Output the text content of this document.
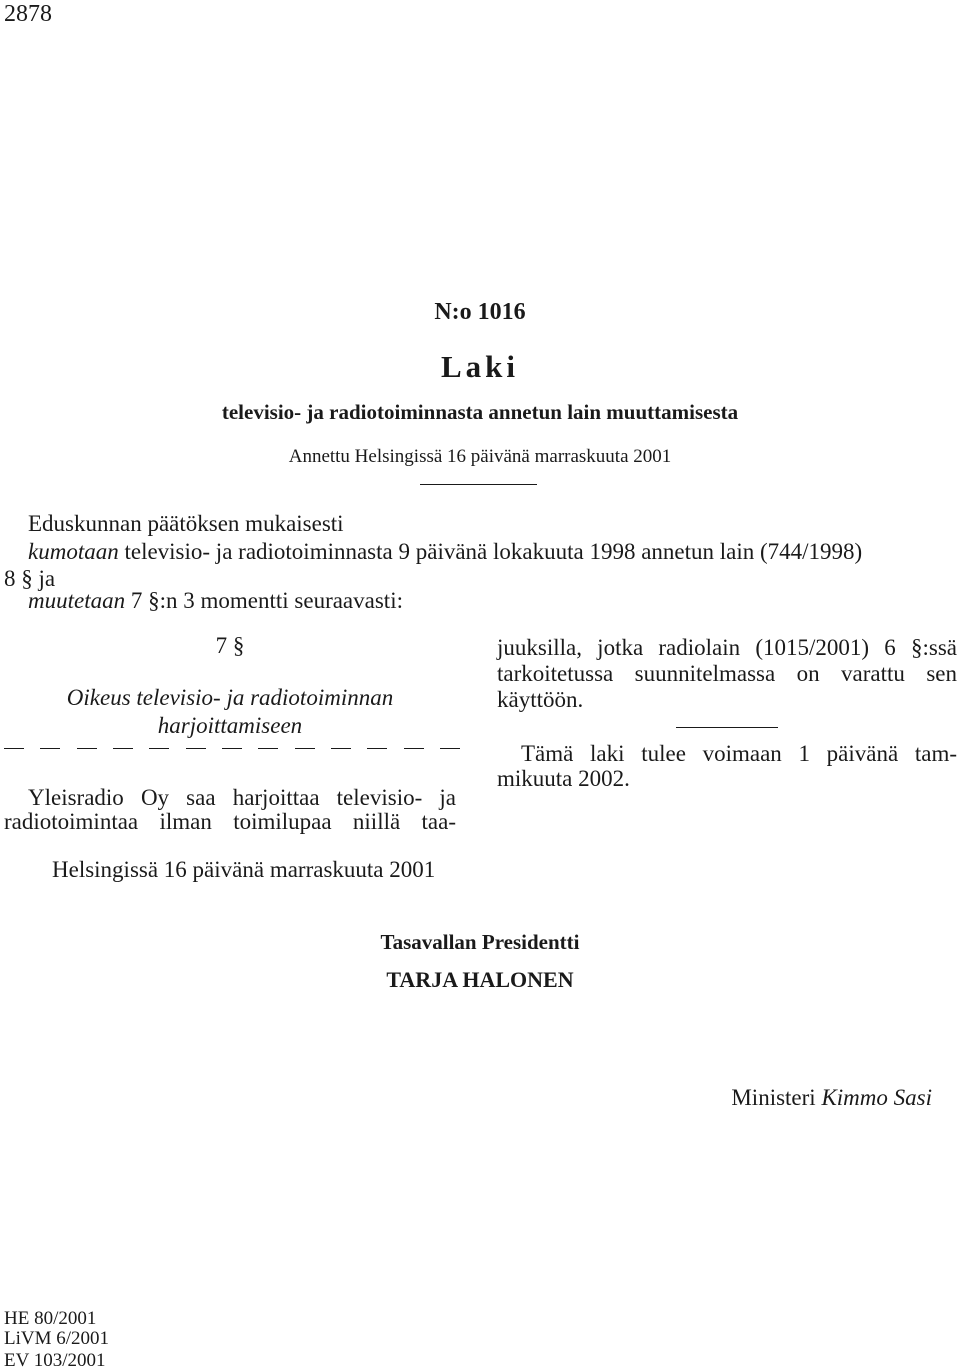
2878
N:o 1016
Laki
televisio- ja radiotoiminnasta annetun lain muuttamisesta
Annettu Helsingissä 16 päivänä marraskuuta 2001
Eduskunnan päätöksen mukaisesti
kumotaan televisio- ja radiotoiminnasta 9 päivänä lokakuuta 1998 annetun lain (744/1998)
8 § ja
muutetaan 7 §:n 3 momentti seuraavasti:
7 §
Oikeus televisio- ja radiotoiminnan harjoittamiseen
Yleisradio Oy saa harjoittaa televisio- ja
radiotoimintaa ilman toimilupaa niillä taa-
juuksilla, jotka radiolain (1015/2001) 6 §:ssä
tarkoitetussa suunnitelmassa on varattu sen
käyttöön.
Tämä laki tulee voimaan 1 päivänä tam-
mikuuta 2002.
Helsingissä 16 päivänä marraskuuta 2001
Tasavallan Presidentti
TARJA HALONEN
Ministeri Kimmo Sasi
HE 80/2001
LiVM 6/2001
EV 103/2001
